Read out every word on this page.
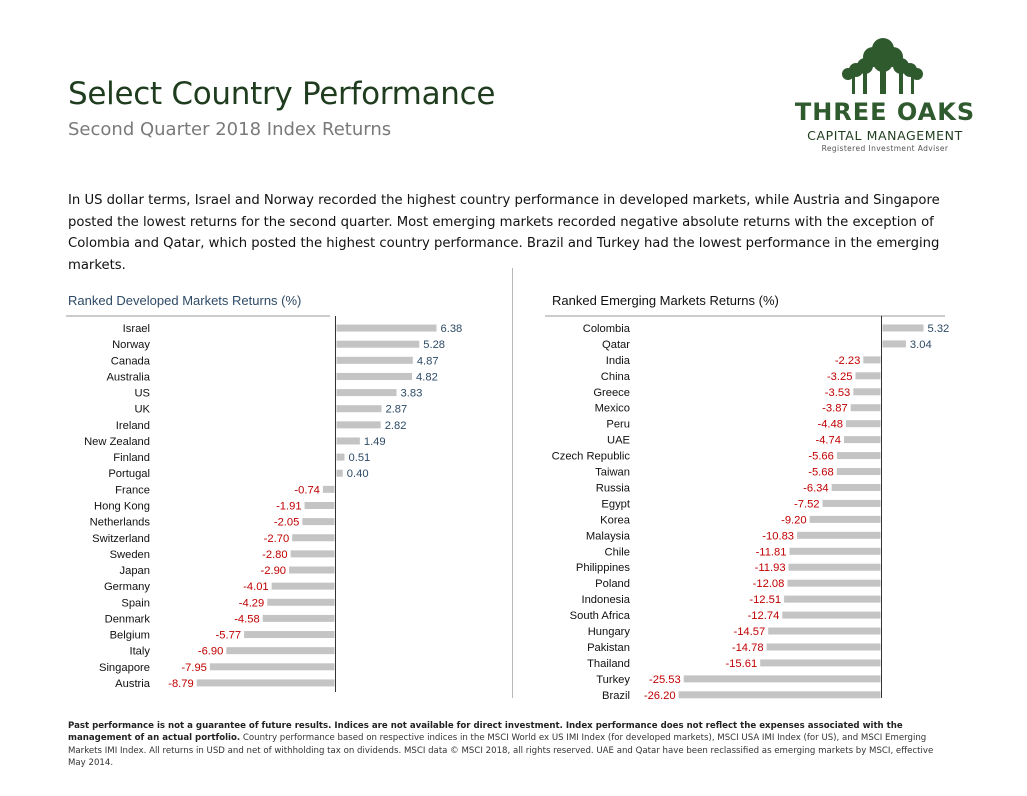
Select Country Performance
Second Quarter 2018 Index Returns
THREE OAKS
CAPITAL MANAGEMENT
Registered Investment Adviser
In US dollar terms, Israel and Norway recorded the highest country performance in developed markets, while Austria and Singapore posted the lowest returns for the second quarter. Most emerging markets recorded negative absolute returns with the exception of Colombia and Qatar, which posted the highest country performance. Brazil and Turkey had the lowest performance in the emerging markets.
Ranked Developed Markets Returns (%)	Ranked Emerging Markets Returns (%)
Israel	6.38
Norway	5.28
Canada	4.87
Australia	4.82
US	3.83
UK	2.87
Ireland	2.82
New Zealand	1.49
Finland	0.51
Portugal	0.40
France	-0.74
Hong Kong	-1.91
Netherlands	-2.05
Switzerland	-2.70
Sweden	-2.80
Japan	-2.90
Germany	-4.01
Spain	-4.29
Denmark	-4.58
Belgium	-5.77
Italy	-6.90
Singapore	-7.95
Austria -8.79
Colombia	5.32
Qatar	3.04
India	-2.23
China	-3.25
Greece	-3.53
Mexico	-3.87
Peru	-4.48
UAE	-4.74
Czech Republic	-5.66
Taiwan	-5.68
Russia	-6.34
Egypt	-7.52
Korea	-9.20
Malaysia	-10.83
Chile	-11.81
Philippines	-11.93
Poland	-12.08
Indonesia	-12.51
South Africa	-12.74
Hungary	-14.57
Pakistan	-14.78
Thailand	-15.61
Turkey -25.53
Brazil -26.20
Past performance is not a guarantee of future results. Indices are not available for direct investment. Index performance does not reflect the expenses associated with the management of an actual portfolio. Country performance based on respective indices in the MSCI World ex US IMI Index (for developed markets), MSCI USA IMI Index (for US), and MSCI Emerging Markets IMI Index. All returns in USD and net of withholding tax on dividends. MSCI data © MSCI 2018, all rights reserved. UAE and Qatar have been reclassified as emerging markets by MSCI, effective May 2014.
